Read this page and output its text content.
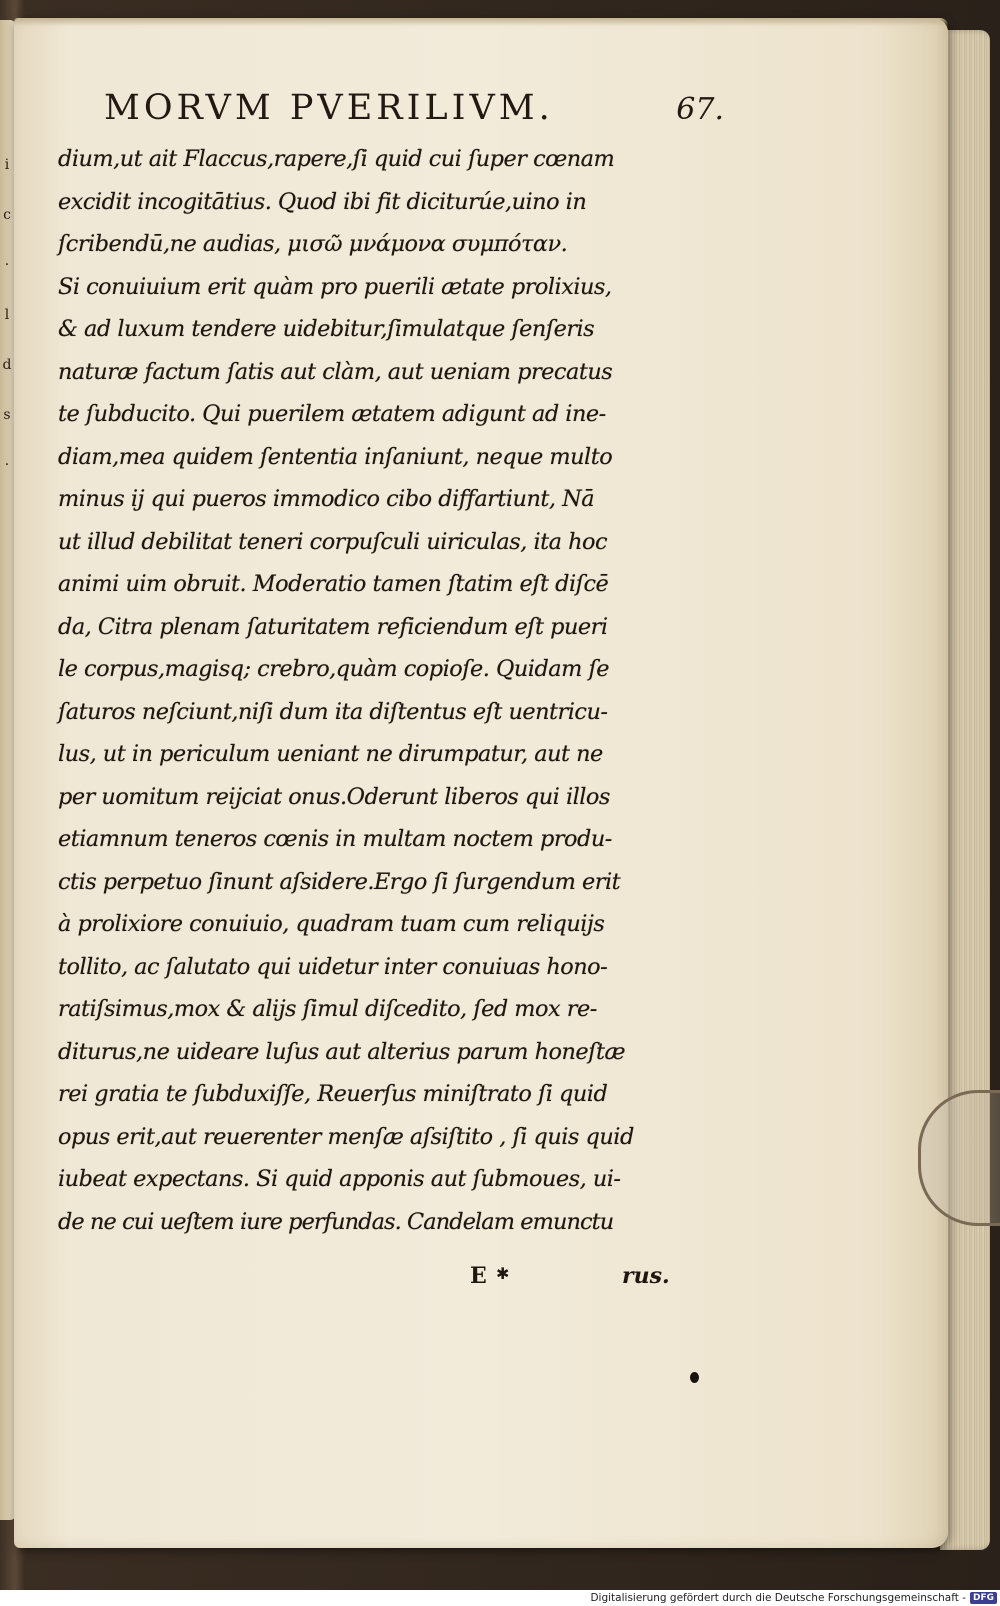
i
c
·
l
d
s
·
MORVM PVERILIVM.	67.
dium,ut ait Flaccus,rapere,ſi quid cui ſuper cœnam
excidit incogitātius. Quod ibi fit diciturúe,uino in
ſcribendū,ne audias, μισῶ μνάμονα συμπόταν.
Si conuiuium erit quàm pro puerili ætate prolixius,
& ad luxum tendere uidebitur,ſimulatque ſenſeris
naturæ factum ſatis aut clàm, aut ueniam precatus
te ſubducito. Qui puerilem ætatem adigunt ad ine-
diam,mea quidem ſententia inſaniunt, neque multo
minus ij qui pueros immodico cibo diffartiunt, Nā
ut illud debilitat teneri corpuſculi uiriculas, ita hoc
animi uim obruit. Moderatio tamen ſtatim eſt diſcē
da, Citra plenam ſaturitatem reficiendum eſt pueri
le corpus,magisq; crebro,quàm copioſe. Quidam ſe
ſaturos neſciunt,niſi dum ita diſtentus eſt uentricu-
lus, ut in periculum ueniant ne dirumpatur, aut ne
per uomitum reijciat onus.Oderunt liberos qui illos
etiamnum teneros cœnis in multam noctem produ-
ctis perpetuo ſinunt aſsidere.Ergo ſi ſurgendum erit
à prolixiore conuiuio, quadram tuam cum reliquijs
tollito, ac ſalutato qui uidetur inter conuiuas hono-
ratiſsimus,mox & alijs ſimul diſcedito, ſed mox re-
diturus,ne uideare luſus aut alterius parum honeſtæ
rei gratia te ſubduxiſſe, Reuerſus miniſtrato ſi quid
opus erit,aut reuerenter menſæ aſsiſtito , ſi quis quid
iubeat expectans. Si quid apponis aut ſubmoues, ui-
de ne cui ueſtem iure perfundas. Candelam emunctu

E	rus.
✱
Digitalisierung gefördert durch die Deutsche Forschungsgemeinschaft - DFG
